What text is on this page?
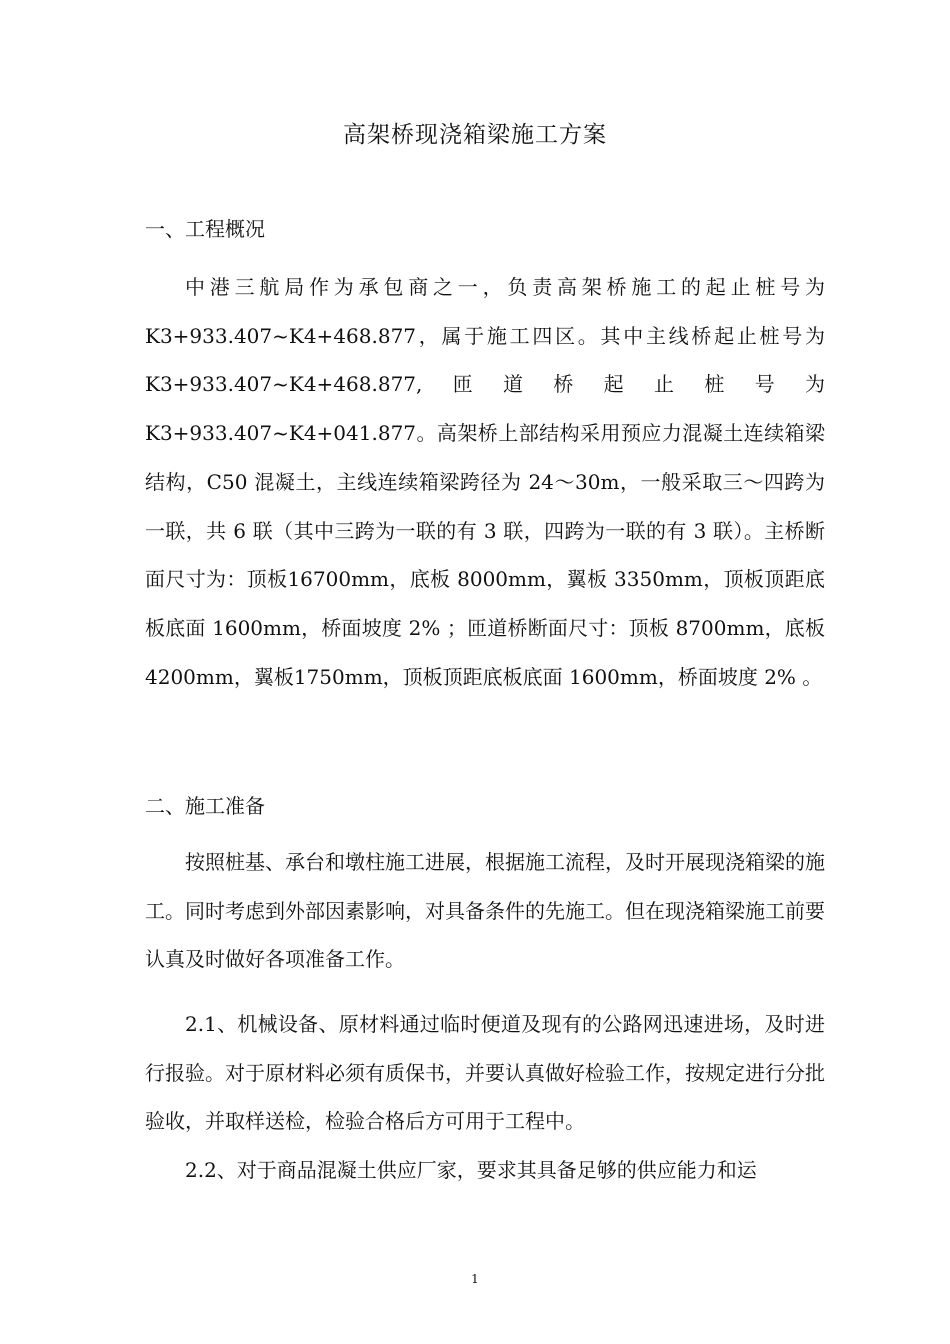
高架桥现浇箱梁施工方案
一、工程概况

中港三航局作为承包商之一，负责高架桥施工的起止桩号为K3+933.407~K4+468.877，属于施工四区。其中主线桥起止桩号为K3+933.407~K4+468.877,匝道桥起止桩号为K3+933.407~K4+041.877。高架桥上部结构采用预应力混凝土连续箱梁结构，C50 混凝土，主线连续箱梁跨径为 24～30m，一般采取三～四跨为一联，共 6 联（其中三跨为一联的有 3 联，四跨为一联的有 3 联）。主桥断面尺寸为：顶板16700mm，底板 8000mm，翼板 3350mm，顶板顶距底板底面 1600mm，桥面坡度 2% ；匝道桥断面尺寸：顶板 8700mm，底板 4200mm，翼板1750mm，顶板顶距底板底面 1600mm，桥面坡度 2% 。

二、施工准备

按照桩基、承台和墩柱施工进展，根据施工流程，及时开展现浇箱梁的施工。同时考虑到外部因素影响，对具备条件的先施工。但在现浇箱梁施工前要认真及时做好各项准备工作。

2.1、机械设备、原材料通过临时便道及现有的公路网迅速进场，及时进行报验。对于原材料必须有质保书，并要认真做好检验工作，按规定进行分批验收，并取样送检，检验合格后方可用于工程中。

2.2、对于商品混凝土供应厂家，要求其具备足够的供应能力和运

1
